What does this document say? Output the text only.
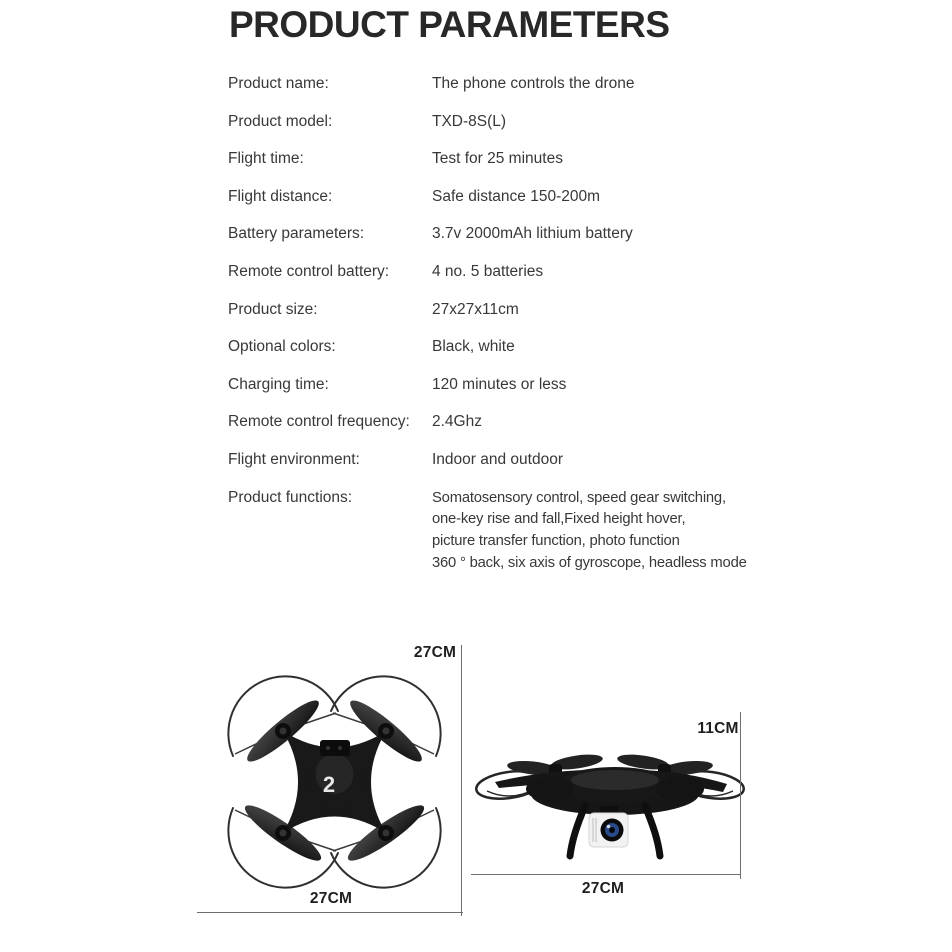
PRODUCT PARAMETERS
Product name:	The phone controls the drone
Product model:	TXD-8S(L)
Flight time:	Test for 25 minutes
Flight distance:	Safe distance 150-200m
Battery parameters:	3.7v 2000mAh lithium battery
Remote control battery:	4 no. 5 batteries
Product size:	27x27x11cm
Optional colors:	Black, white
Charging time:	120 minutes or less
Remote control frequency:	2.4Ghz
Flight environment:	Indoor and outdoor
Product functions:	Somatosensory control, speed gear switching,
one-key rise and fall,Fixed height hover,
picture transfer function, photo function
360 ° back, six axis of gyroscope, headless mode
2
27CM
27CM
11CM
27CM
